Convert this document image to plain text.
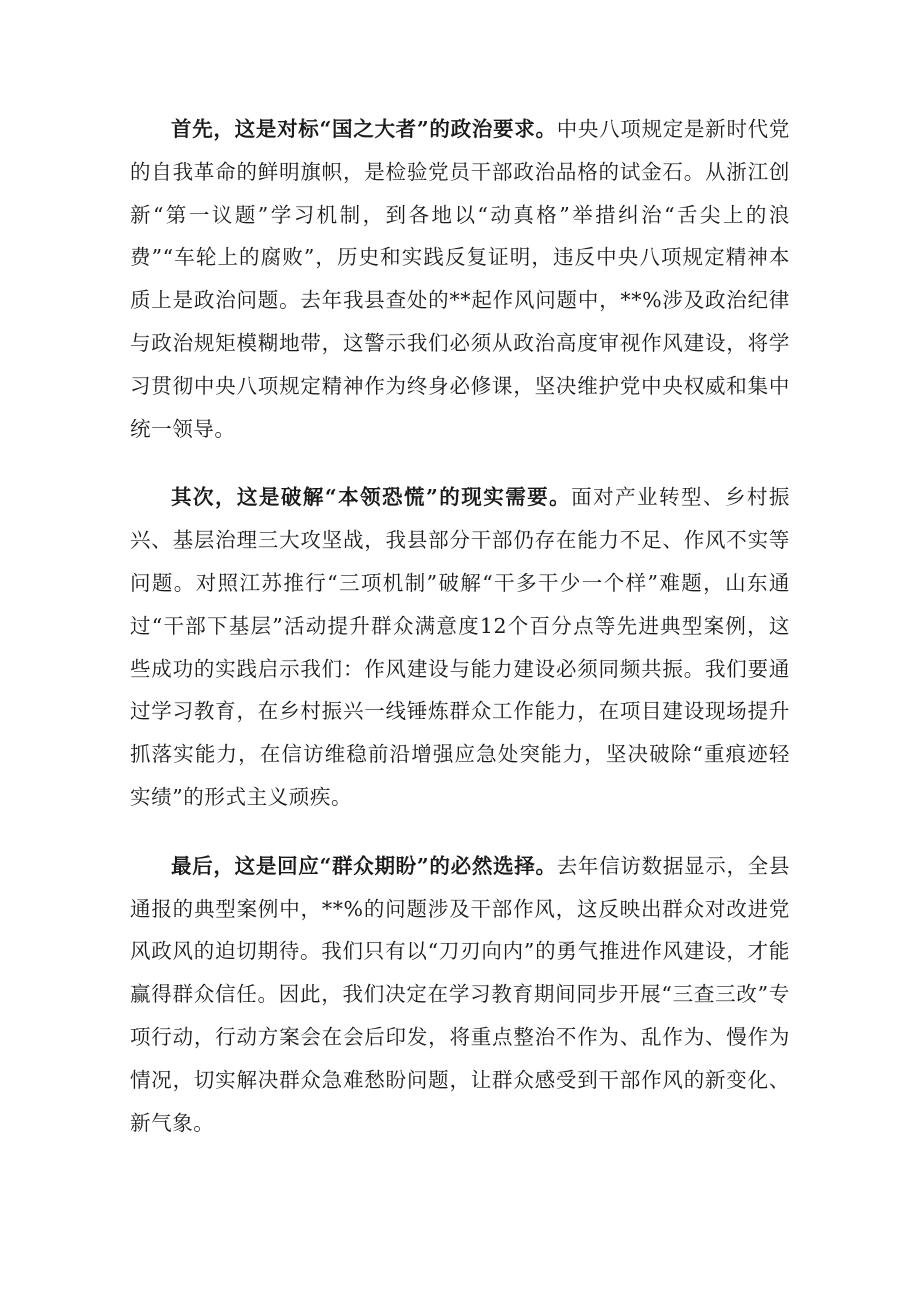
首先，这是对标“国之大者”的政治要求。中央八项规定是新时代党的自我革命的鲜明旗帜，是检验党员干部政治品格的试金石。从浙江创新“第一议题”学习机制，到各地以“动真格”举措纠治“舌尖上的浪费”“车轮上的腐败”，历史和实践反复证明，违反中央八项规定精神本质上是政治问题。去年我县查处的**起作风问题中，**%涉及政治纪律与政治规矩模糊地带，这警示我们必须从政治高度审视作风建设，将学习贯彻中央八项规定精神作为终身必修课，坚决维护党中央权威和集中统一领导。

其次，这是破解“本领恐慌”的现实需要。面对产业转型、乡村振兴、基层治理三大攻坚战，我县部分干部仍存在能力不足、作风不实等问题。对照江苏推行“三项机制”破解“干多干少一个样”难题，山东通过“干部下基层”活动提升群众满意度12个百分点等先进典型案例，这些成功的实践启示我们：作风建设与能力建设必须同频共振。我们要通过学习教育，在乡村振兴一线锤炼群众工作能力，在项目建设现场提升抓落实能力，在信访维稳前沿增强应急处突能力，坚决破除“重痕迹轻实绩”的形式主义顽疾。

最后，这是回应“群众期盼”的必然选择。去年信访数据显示，全县通报的典型案例中，**%的问题涉及干部作风，这反映出群众对改进党风政风的迫切期待。我们只有以“刀刃向内”的勇气推进作风建设，才能赢得群众信任。因此，我们决定在学习教育期间同步开展“三查三改”专项行动，行动方案会在会后印发，将重点整治不作为、乱作为、慢作为情况，切实解决群众急难愁盼问题，让群众感受到干部作风的新变化、新气象。
